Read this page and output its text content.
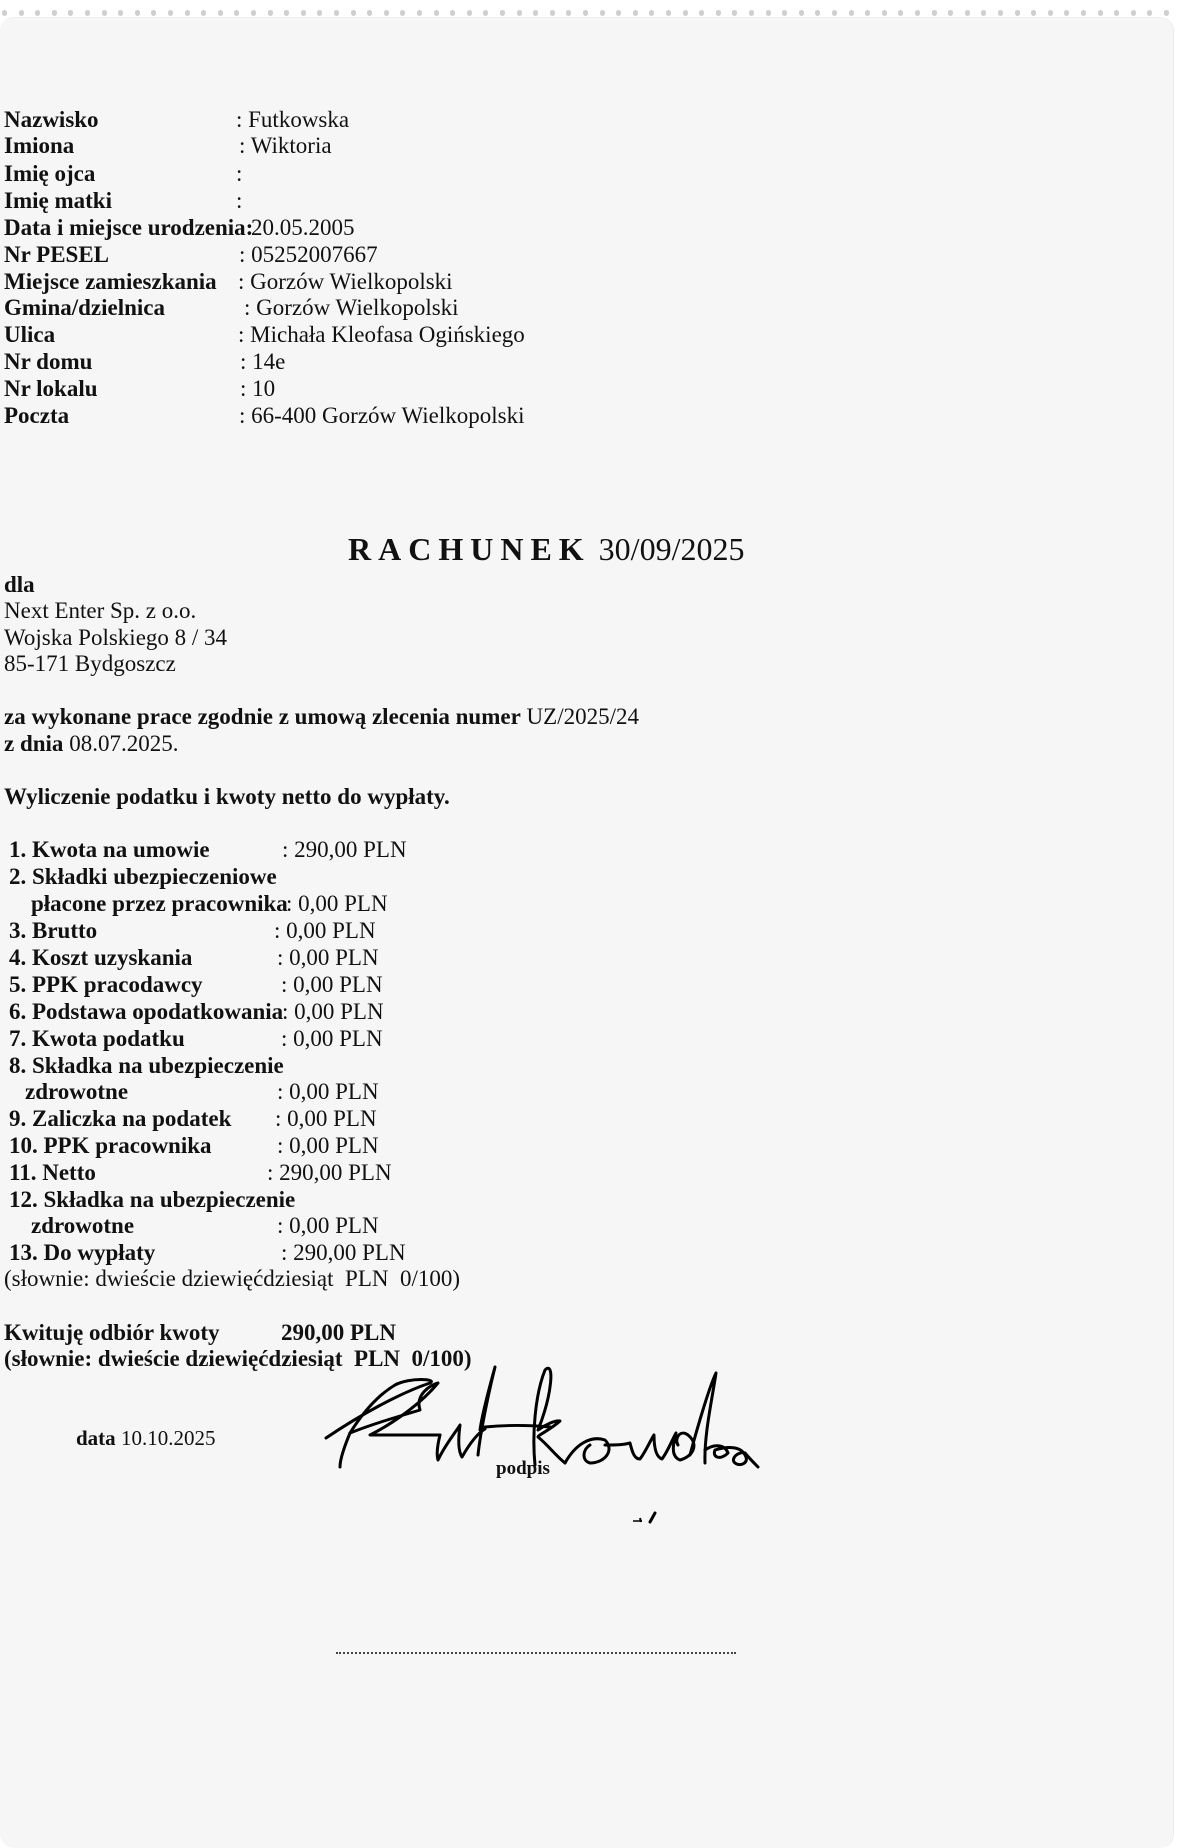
Nazwisko	: Futkowska
Imiona	: Wiktoria
Imię ojca	:
Imię matki	:
Data i miejsce urodzenia:
20.05.2005
Nr PESEL	: 05252007667
Miejsce zamieszkania : Gorzów Wielkopolski
Gmina/dzielnica	: Gorzów Wielkopolski
Ulica	: Michała Kleofasa Ogińskiego
Nr domu	: 14e
Nr lokalu	: 10
Poczta	: 66-400 Gorzów Wielkopolski

RACHUNEK 30/09/2025

dla
Next Enter Sp. z o.o.
Wojska Polskiego 8 / 34
85-171 Bydgoszcz
za wykonane prace zgodnie z umową zlecenia numer UZ/2025/24
z dnia 08.07.2025.
Wyliczenie podatku i kwoty netto do wypłaty.
1. Kwota na umowie	: 290,00 PLN
2. Składki ubezpieczeniowe
płacone przez pracownika
: 0,00 PLN
3. Brutto	: 0,00 PLN
4. Koszt uzyskania	: 0,00 PLN
5. PPK pracodawcy	: 0,00 PLN
6. Podstawa opodatkowania
: 0,00 PLN
7. Kwota podatku	: 0,00 PLN
8. Składka na ubezpieczenie
zdrowotne	: 0,00 PLN
9. Zaliczka na podatek : 0,00 PLN
10. PPK pracownika	: 0,00 PLN
11. Netto	: 290,00 PLN
12. Składka na ubezpieczenie
zdrowotne	: 0,00 PLN
13. Do wypłaty	: 290,00 PLN
(słownie: dwieście dziewięćdziesiąt  PLN  0/100)
Kwituję odbiór kwoty	290,00 PLN
(słownie: dwieście dziewięćdziesiąt  PLN  0/100)
data 10.10.2025
podpis
